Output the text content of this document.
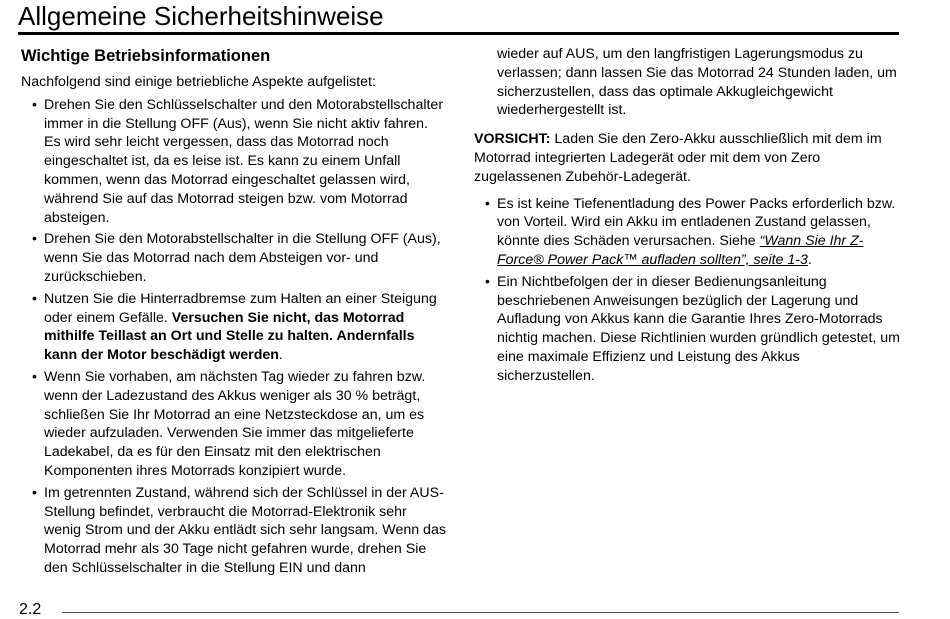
Allgemeine Sicherheitshinweise
Wichtige Betriebsinformationen

Nachfolgend sind einige betriebliche Aspekte aufgelistet:

• Drehen Sie den Schlüsselschalter und den Motorabstellschalter immer in die Stellung OFF (Aus), wenn Sie nicht aktiv fahren. Es wird sehr leicht vergessen, dass das Motorrad noch eingeschaltet ist, da es leise ist. Es kann zu einem Unfall kommen, wenn das Motorrad eingeschaltet gelassen wird, während Sie auf das Motorrad steigen bzw. vom Motorrad absteigen.
• Drehen Sie den Motorabstellschalter in die Stellung OFF (Aus), wenn Sie das Motorrad nach dem Absteigen vor- und zurückschieben.
• Nutzen Sie die Hinterradbremse zum Halten an einer Steigung oder einem Gefälle. Versuchen Sie nicht, das Motorrad mithilfe Teillast an Ort und Stelle zu halten. Andernfalls kann der Motor beschädigt werden.
• Wenn Sie vorhaben, am nächsten Tag wieder zu fahren bzw. wenn der Ladezustand des Akkus weniger als 30 % beträgt, schließen Sie Ihr Motorrad an eine Netzsteckdose an, um es wieder aufzuladen. Verwenden Sie immer das mitgelieferte Ladekabel, da es für den Einsatz mit den elektrischen Komponenten ihres Motorrads konzipiert wurde.
• Im getrennten Zustand, während sich der Schlüssel in der AUS-Stellung befindet, verbraucht die Motorrad-Elektronik sehr wenig Strom und der Akku entlädt sich sehr langsam. Wenn das Motorrad mehr als 30 Tage nicht gefahren wurde, drehen Sie den Schlüsselschalter in die Stellung EIN und dann

wieder auf AUS, um den langfristigen Lagerungsmodus zu verlassen; dann lassen Sie das Motorrad 24 Stunden laden, um sicherzustellen, dass das optimale Akkugleichgewicht wiederhergestellt ist.

VORSICHT: Laden Sie den Zero-Akku ausschließlich mit dem im Motorrad integrierten Ladegerät oder mit dem von Zero zugelassenen Zubehör-Ladegerät.

• Es ist keine Tiefenentladung des Power Packs erforderlich bzw. von Vorteil. Wird ein Akku im entladenen Zustand gelassen, könnte dies Schäden verursachen. Siehe “Wann Sie Ihr Z-Force® Power Pack™ aufladen sollten”, seite 1-3.
• Ein Nichtbefolgen der in dieser Bedienungsanleitung beschriebenen Anweisungen bezüglich der Lagerung und Aufladung von Akkus kann die Garantie Ihres Zero-Motorrads nichtig machen. Diese Richtlinien wurden gründlich getestet, um eine maximale Effizienz und Leistung des Akkus sicherzustellen.
2.2
